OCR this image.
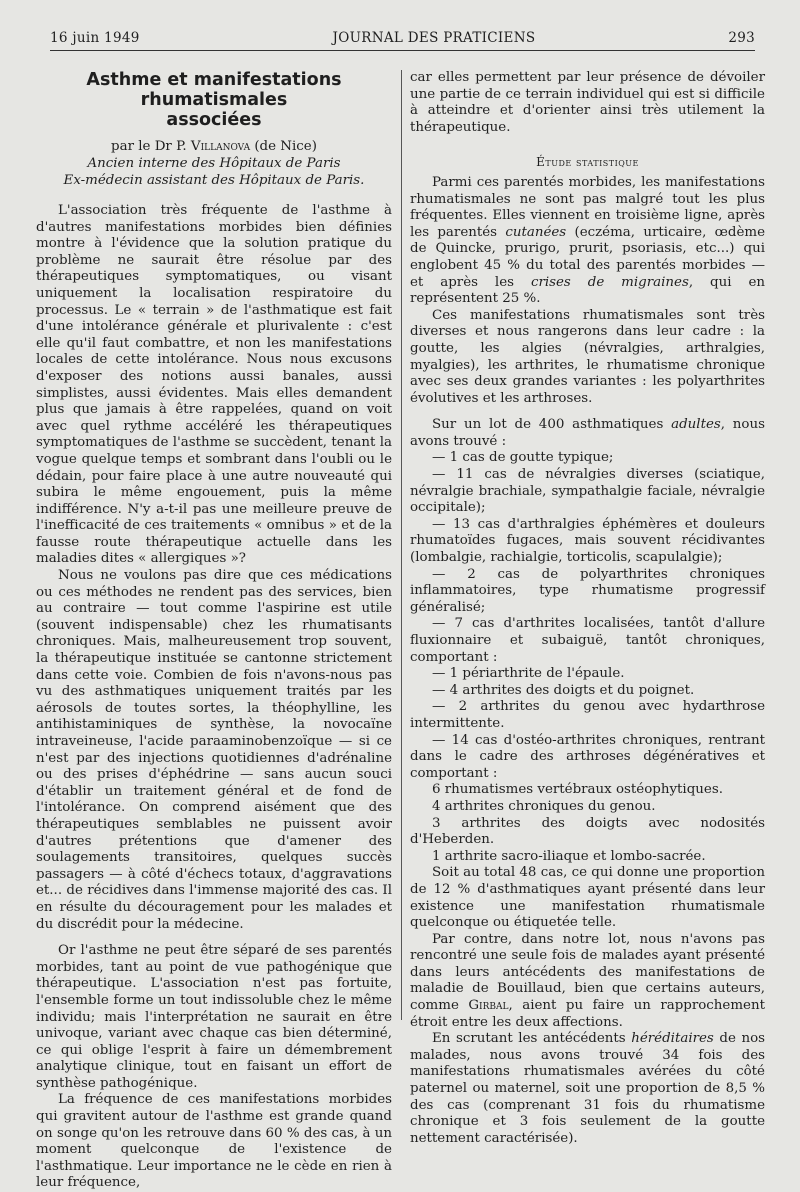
16 juin 1949	JOURNAL DES PRATICIENS	293
Asthme et manifestations rhumatismales
associées
par le Dr P. Villanova (de Nice)
Ancien interne des Hôpitaux de Paris
Ex-médecin assistant des Hôpitaux de Paris.

L'association très fréquente de l'asthme à d'autres manifestations morbides bien définies montre à l'évidence que la solution pratique du problème ne saurait être résolue par des thérapeutiques symptomatiques, ou visant uniquement la localisation respiratoire du processus. Le « terrain » de l'asthmatique est fait d'une intolérance générale et plurivalente : c'est elle qu'il faut combattre, et non les manifestations locales de cette intolérance. Nous nous excusons d'exposer des notions aussi banales, aussi simplistes, aussi évidentes. Mais elles demandent plus que jamais à être rappelées, quand on voit avec quel rythme accéléré les thérapeutiques symptomatiques de l'asthme se succèdent, tenant la vogue quelque temps et sombrant dans l'oubli ou le dédain, pour faire place à une autre nouveauté qui subira le même engouement, puis la même indifférence. N'y a-t-il pas une meilleure preuve de l'inefficacité de ces traitements « omnibus » et de la fausse route thérapeutique actuelle dans les maladies dites « allergiques »?

Nous ne voulons pas dire que ces médications ou ces méthodes ne rendent pas des services, bien au contraire — tout comme l'aspirine est utile (souvent indispensable) chez les rhumatisants chroniques. Mais, malheureusement trop souvent, la thérapeutique instituée se cantonne strictement dans cette voie. Combien de fois n'avons-nous pas vu des asthmatiques uniquement traités par les aérosols de toutes sortes, la théophylline, les antihistaminiques de synthèse, la novocaïne intraveineuse, l'acide paraaminobenzoïque — si ce n'est par des injections quotidiennes d'adrénaline ou des prises d'éphédrine — sans aucun souci d'établir un traitement général et de fond de l'intolérance. On comprend aisément que des thérapeutiques semblables ne puissent avoir d'autres prétentions que d'amener des soulagements transitoires, quelques succès passagers — à côté d'échecs totaux, d'aggravations et... de récidives dans l'immense majorité des cas. Il en résulte du découragement pour les malades et du discrédit pour la médecine.

Or l'asthme ne peut être séparé de ses parentés morbides, tant au point de vue pathogénique que thérapeutique. L'association n'est pas fortuite, l'ensemble forme un tout indissoluble chez le même individu; mais l'interprétation ne saurait en être univoque, variant avec chaque cas bien déterminé, ce qui oblige l'esprit à faire un démembrement analytique clinique, tout en faisant un effort de synthèse pathogénique.

La fréquence de ces manifestations morbides qui gravitent autour de l'asthme est grande quand on songe qu'on les retrouve dans 60 % des cas, à un moment quelconque de l'existence de l'asthmatique. Leur importance ne le cède en rien à leur fréquence,

car elles permettent par leur présence de dévoiler une partie de ce terrain individuel qui est si difficile à atteindre et d'orienter ainsi très utilement la thérapeutique.

Étude statistique

Parmi ces parentés morbides, les manifestations rhumatismales ne sont pas malgré tout les plus fréquentes. Elles viennent en troisième ligne, après les parentés cutanées (eczéma, urticaire, œdème de Quincke, prurigo, prurit, psoriasis, etc...) qui englobent 45 % du total des parentés morbides — et après les crises de migraines, qui en représentent 25 %.

Ces manifestations rhumatismales sont très diverses et nous rangerons dans leur cadre : la goutte, les algies (névralgies, arthralgies, myalgies), les arthrites, le rhumatisme chronique avec ses deux grandes variantes : les polyarthrites évolutives et les arthroses.

Sur un lot de 400 asthmatiques adultes, nous avons trouvé :

— 1 cas de goutte typique;

— 11 cas de névralgies diverses (sciatique, névralgie brachiale, sympathalgie faciale, névralgie occipitale);

— 13 cas d'arthralgies éphémères et douleurs rhumatoïdes fugaces, mais souvent récidivantes (lombalgie, rachialgie, torticolis, scapulalgie);

— 2 cas de polyarthrites chroniques inflammatoires, type rhumatisme progressif généralisé;

— 7 cas d'arthrites localisées, tantôt d'allure fluxionnaire et subaiguë, tantôt chroniques, comportant :

— 1 périarthrite de l'épaule.

— 4 arthrites des doigts et du poignet.

— 2 arthrites du genou avec hydarthrose intermittente.

— 14 cas d'ostéo-arthrites chroniques, rentrant dans le cadre des arthroses dégénératives et comportant :

6 rhumatismes vertébraux ostéophytiques.

4 arthrites chroniques du genou.

3 arthrites des doigts avec nodosités d'Heberden.

1 arthrite sacro-iliaque et lombo-sacrée.

Soit au total 48 cas, ce qui donne une proportion de 12 % d'asthmatiques ayant présenté dans leur existence une manifestation rhumatismale quelconque ou étiquetée telle.

Par contre, dans notre lot, nous n'avons pas rencontré une seule fois de malades ayant présenté dans leurs antécédents des manifestations de maladie de Bouillaud, bien que certains auteurs, comme Girbal, aient pu faire un rapprochement étroit entre les deux affections.

En scrutant les antécédents héréditaires de nos malades, nous avons trouvé 34 fois des manifestations rhumatismales avérées du côté paternel ou maternel, soit une proportion de 8,5 % des cas (comprenant 31 fois du rhumatisme chronique et 3 fois seulement de la goutte nettement caractérisée).
